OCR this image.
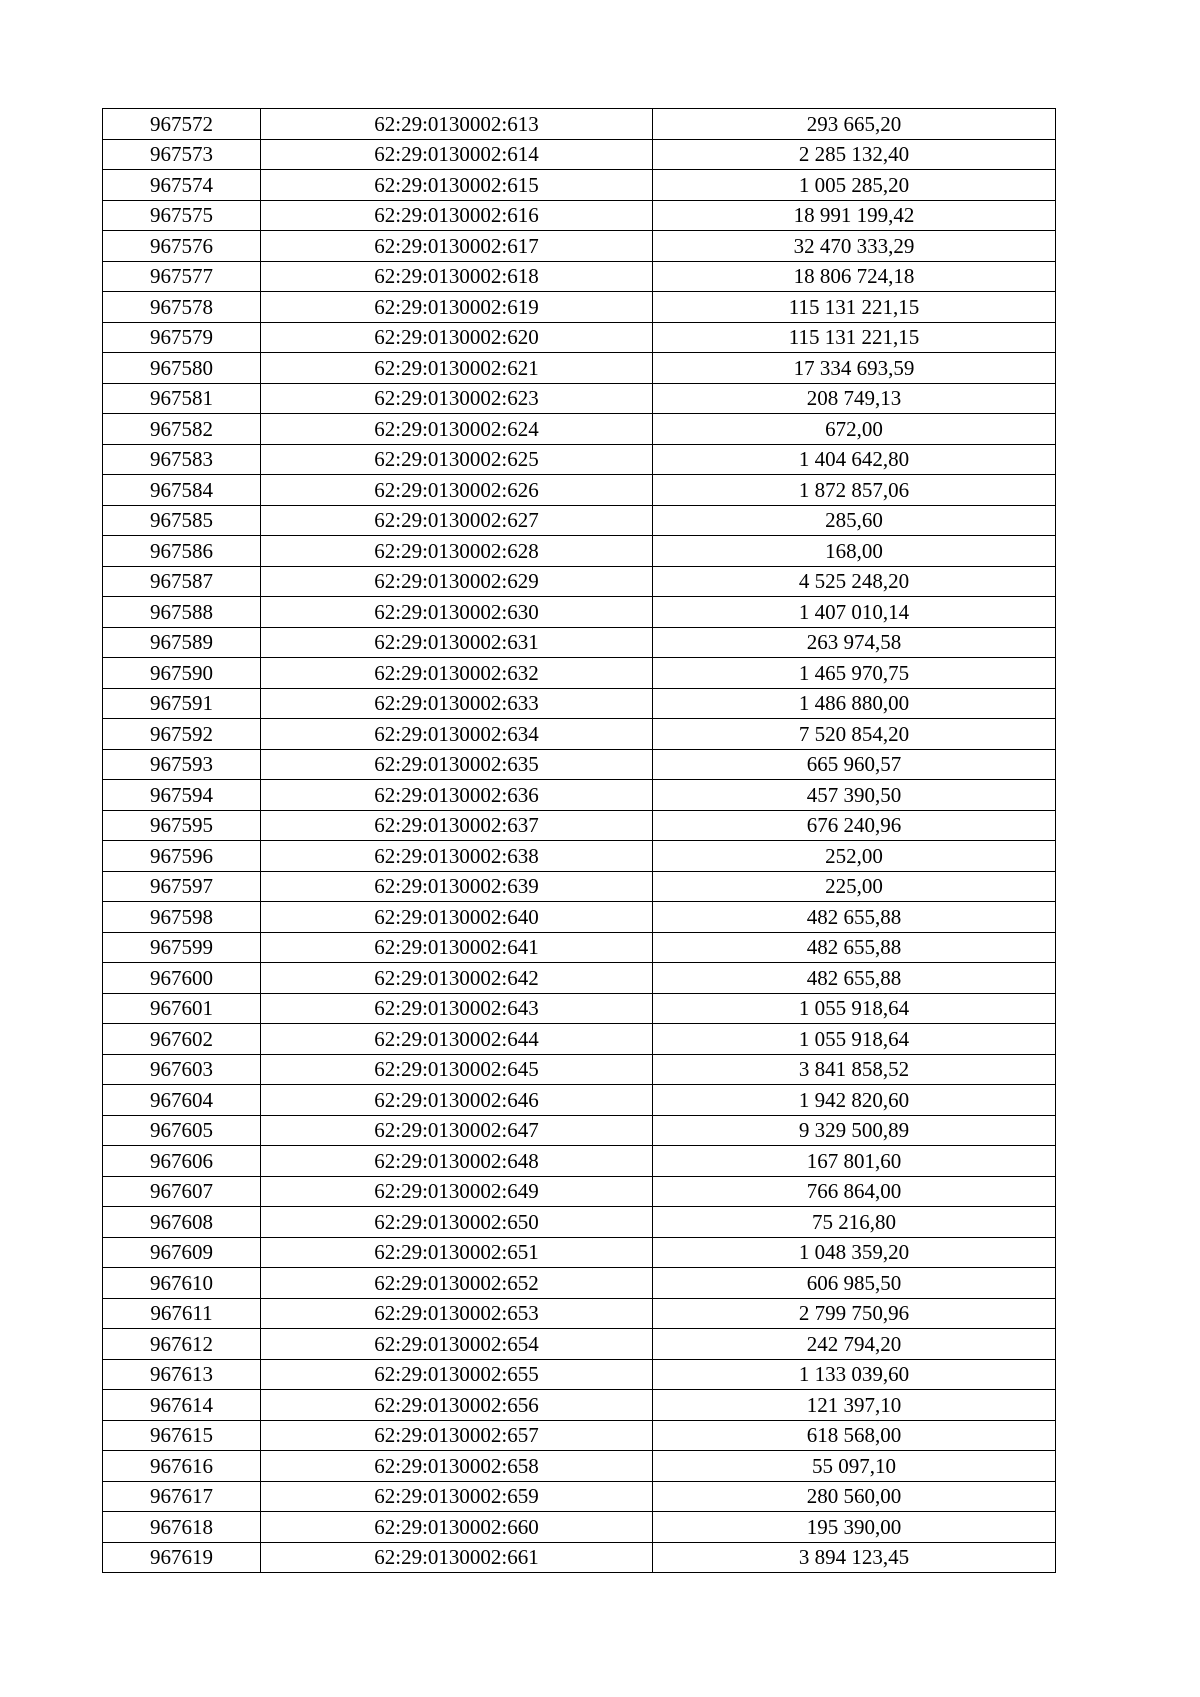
967572	62:29:0130002:613	293 665,20
967573	62:29:0130002:614	2 285 132,40
967574	62:29:0130002:615	1 005 285,20
967575	62:29:0130002:616	18 991 199,42
967576	62:29:0130002:617	32 470 333,29
967577	62:29:0130002:618	18 806 724,18
967578	62:29:0130002:619	115 131 221,15
967579	62:29:0130002:620	115 131 221,15
967580	62:29:0130002:621	17 334 693,59
967581	62:29:0130002:623	208 749,13
967582	62:29:0130002:624	672,00
967583	62:29:0130002:625	1 404 642,80
967584	62:29:0130002:626	1 872 857,06
967585	62:29:0130002:627	285,60
967586	62:29:0130002:628	168,00
967587	62:29:0130002:629	4 525 248,20
967588	62:29:0130002:630	1 407 010,14
967589	62:29:0130002:631	263 974,58
967590	62:29:0130002:632	1 465 970,75
967591	62:29:0130002:633	1 486 880,00
967592	62:29:0130002:634	7 520 854,20
967593	62:29:0130002:635	665 960,57
967594	62:29:0130002:636	457 390,50
967595	62:29:0130002:637	676 240,96
967596	62:29:0130002:638	252,00
967597	62:29:0130002:639	225,00
967598	62:29:0130002:640	482 655,88
967599	62:29:0130002:641	482 655,88
967600	62:29:0130002:642	482 655,88
967601	62:29:0130002:643	1 055 918,64
967602	62:29:0130002:644	1 055 918,64
967603	62:29:0130002:645	3 841 858,52
967604	62:29:0130002:646	1 942 820,60
967605	62:29:0130002:647	9 329 500,89
967606	62:29:0130002:648	167 801,60
967607	62:29:0130002:649	766 864,00
967608	62:29:0130002:650	75 216,80
967609	62:29:0130002:651	1 048 359,20
967610	62:29:0130002:652	606 985,50
967611	62:29:0130002:653	2 799 750,96
967612	62:29:0130002:654	242 794,20
967613	62:29:0130002:655	1 133 039,60
967614	62:29:0130002:656	121 397,10
967615	62:29:0130002:657	618 568,00
967616	62:29:0130002:658	55 097,10
967617	62:29:0130002:659	280 560,00
967618	62:29:0130002:660	195 390,00
967619	62:29:0130002:661	3 894 123,45
